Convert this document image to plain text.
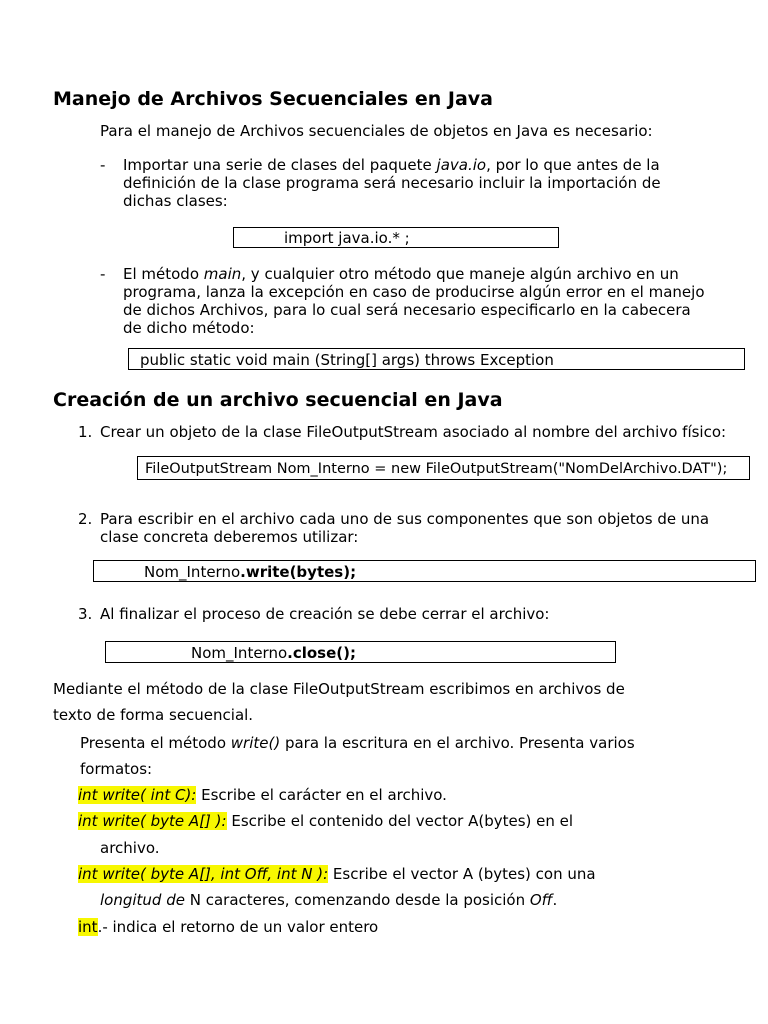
Manejo de Archivos Secuenciales en Java
Para el manejo de Archivos secuenciales de objetos en Java es necesario:
- Importar una serie de clases del paquete java.io, por lo que antes de la
definición de la clase programa será necesario incluir la importación de
dichas clases:
import java.io.* ;
- El método main, y cualquier otro método que maneje algún archivo en un
programa, lanza la excepción en caso de producirse algún error en el manejo
de dichos Archivos, para lo cual será necesario especificarlo en la cabecera
de dicho método:
public static void main (String[] args) throws Exception
Creación de un archivo secuencial en Java
1. Crear un objeto de la clase FileOutputStream asociado al nombre del archivo físico:
FileOutputStream Nom_Interno = new FileOutputStream("NomDelArchivo.DAT");
2. Para escribir en el archivo cada uno de sus componentes que son objetos de una
clase concreta deberemos utilizar:
Nom_Interno.write(bytes);
3. Al finalizar el proceso de creación se debe cerrar el archivo:
Nom_Interno.close();
Mediante el método de la clase FileOutputStream escribimos en archivos de
texto de forma secuencial.
Presenta el método write() para la escritura en el archivo. Presenta varios
formatos:
int write( int C): Escribe el carácter en el archivo.
int write( byte A[] ): Escribe el contenido del vector A(bytes) en el
archivo.
int write( byte A[], int Off, int N ): Escribe el vector A (bytes) con una
longitud de N caracteres, comenzando desde la posición Off.
int.- indica el retorno de un valor entero
